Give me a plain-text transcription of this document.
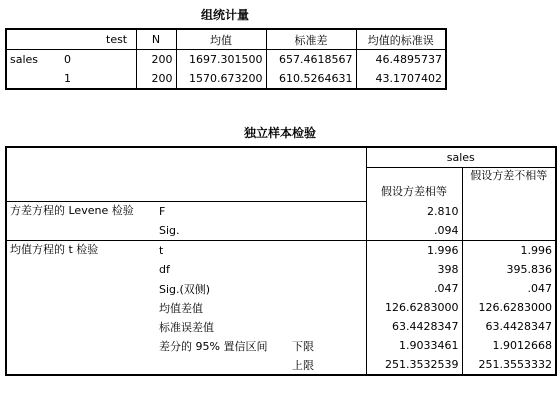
组统计量
	test	N	均值	标准差	均值的标准误
sales	0	200	1697.301500	657.4618567	46.4895737
	1	200	1570.673200	610.5264631	43.1707402
独立样本检验
			sales	
			假设方差相等	假设方差不相等
方差方程的 Levene 检验	F		2.810	
	Sig.		.094	
均值方程的 t 检验	t		1.996	1.996
	df		398	395.836
	Sig.(双侧)		.047	.047
	均值差值		126.6283000	126.6283000
	标准误差值		63.4428347	63.4428347
	差分的 95% 置信区间	下限	1.9033461	1.9012668
		上限	251.3532539	251.3553332
